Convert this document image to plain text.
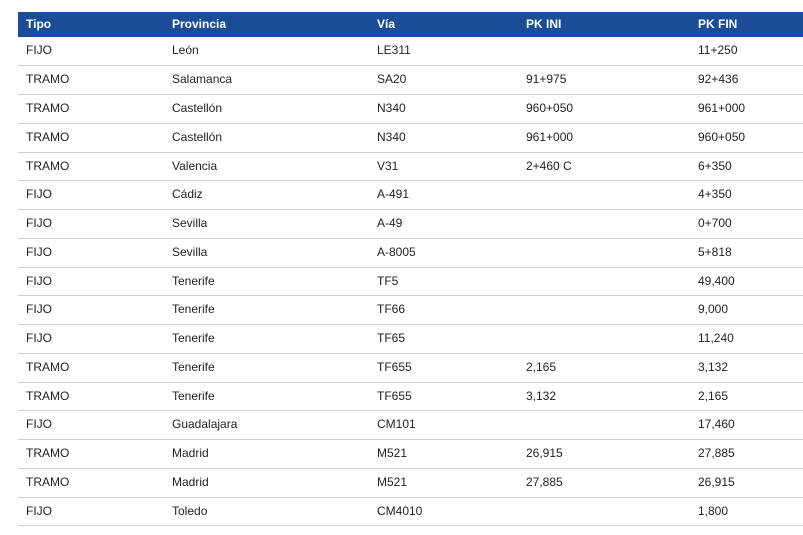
Tipo	Provincia	Vía	PK INI	PK FIN
FIJO	León	LE311		11+250
TRAMO	Salamanca	SA20	91+975	92+436
TRAMO	Castellón	N340	960+050	961+000
TRAMO	Castellón	N340	961+000	960+050
TRAMO	Valencia	V31	2+460 C	6+350
FIJO	Cádiz	A-491		4+350
FIJO	Sevilla	A-49		0+700
FIJO	Sevilla	A-8005		5+818
FIJO	Tenerife	TF5		49,400
FIJO	Tenerife	TF66		9,000
FIJO	Tenerife	TF65		11,240
TRAMO	Tenerife	TF655	2,165	3,132
TRAMO	Tenerife	TF655	3,132	2,165
FIJO	Guadalajara	CM101		17,460
TRAMO	Madrid	M521	26,915	27,885
TRAMO	Madrid	M521	27,885	26,915
FIJO	Toledo	CM4010		1,800
